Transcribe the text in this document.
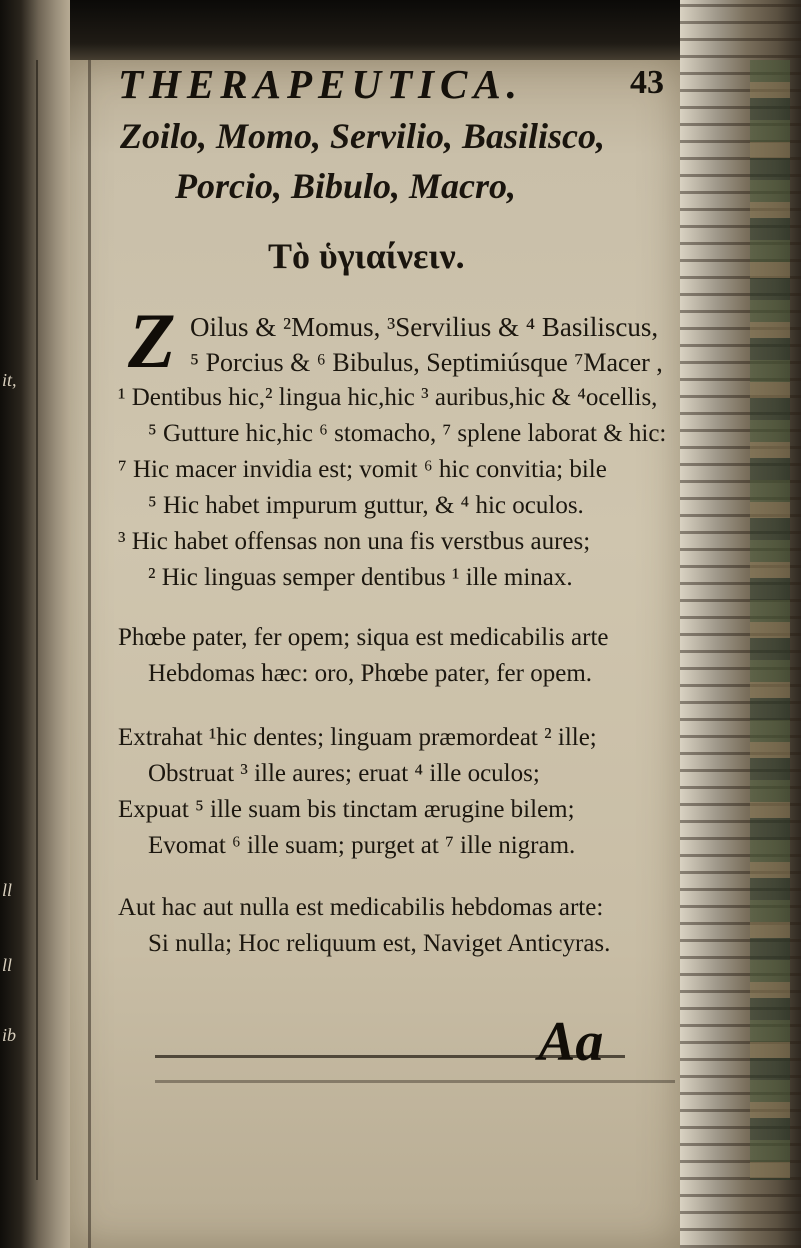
it,
ll
ll
ib
THERAPEUTICA.	43
Zoilo, Momo, Servilio, Basilisco,
Porcio, Bibulo, Macro,
Τὸ ὑγιαίνειν.
Z Oilus & ²Momus, ³Servilius & ⁴ Basiliscus,
⁵ Porcius & ⁶ Bibulus, Septimiúsque ⁷Macer ,
¹ Dentibus hic,² lingua hic,hic ³ auribus,hic & ⁴ocellis,
⁵ Gutture hic,hic ⁶ stomacho, ⁷ splene laborat & hic:
⁷ Hic macer invidia est; vomit ⁶ hic convitia; bile
⁵ Hic habet impurum guttur, & ⁴ hic oculos.
³ Hic habet offensas non una fis verstbus aures;
² Hic linguas semper dentibus ¹ ille minax.
Phœbe pater, fer opem; siqua est medicabilis arte
Hebdomas hæc: oro, Phœbe pater, fer opem.
Extrahat ¹hic dentes; linguam præmordeat ² ille;
Obstruat ³ ille aures; eruat ⁴ ille oculos;
Expuat ⁵ ille suam bis tinctam ærugine bilem;
Evomat ⁶ ille suam; purget at ⁷ ille nigram.
Aut hac aut nulla est medicabilis hebdomas arte:
Si nulla; Hoc reliquum est, Naviget Anticyras.
Aa
